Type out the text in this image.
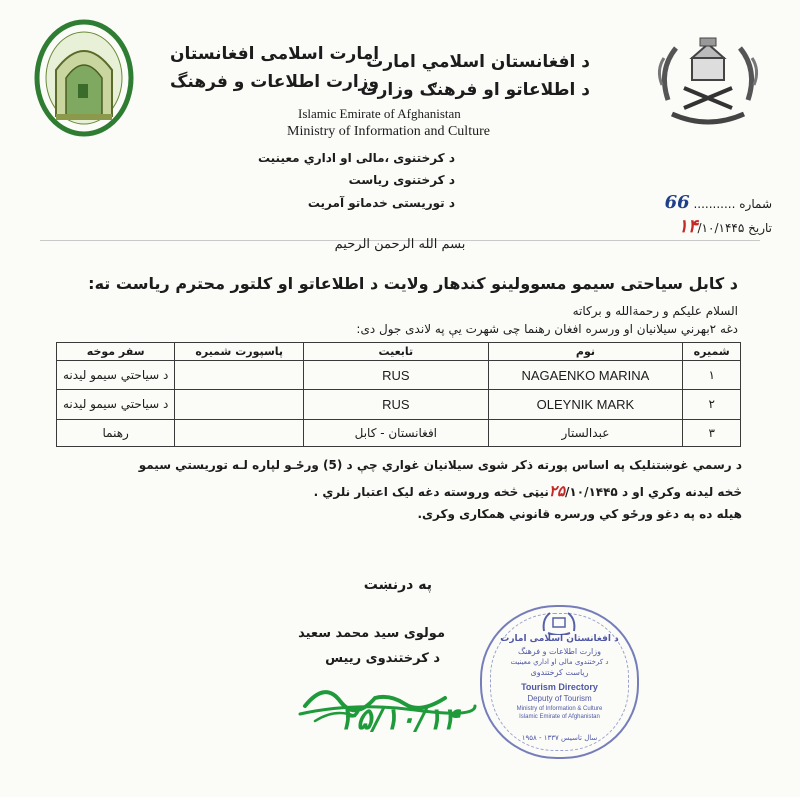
د افغانستان اسلامي امارت
د اطلاعاتو او فرهنګ وزارت
امارت اسلامی افغانستان
وزارت اطلاعات و فرهنگ
Islamic Emirate of Afghanistan
Ministry of Information and Culture
د کرختنوی ،مالی او اداري معینیت
د کرختنوی ریاست
د توریستی خدماتو آمریت	شماره ........... 66
تاریخ ۱۴/۱۰/۱۴۴۵
بسم الله الرحمن الرحیم
د کابل سیاحتی سیمو مسوولینو کندهار ولایت د اطلاعاتو او کلتور محترم ریاست ته:
السلام علیکم و رحمة‌الله و برکاته
دغه ۲بهرني سیلانیان او ورسره افغان رهنما چی شهرت یې په لاندی جول دی:
شمیره	نوم	تابعیت	پاسپورت شمیره	سفر موخه
۱	NAGAENKO MARINA	RUS		د سیاحتي سیمو لیدنه
۲	OLEYNIK MARK	RUS		د سیاحتي سیمو لیدنه
۳	عبدالستار	افغانستان - کابل		رهنما
د رسمي غوښتنلیک په اساس پورته ذکر شوی سیلانیان غواري چې د (5) ورځـو لپاره لـه توریستي سیمو
څخه لیدنه وکري او د ۲۵/۱۰/۱۴۴۵نیټی څخه وروسته دغه لیک اعتبار نلري .
هیله ده په دغو ورځو کي ورسره قانوني همکاری وکری.
په درنښت
مولوی سید محمد سعید
د کرختندوی رییس
۲۵/۱۰/۱۴
د افغانستان اسلامی امارت
وزارت اطلاعات و فرهنگ
د کرختندوی مالی او اداري معینیت
ریاست کرختندوی
Tourism Directory
Deputy of Tourism
Ministry of Information & Culture
Islamic Emirate of Afghanistan
سال تاسیس ۱۳۳۷ - ۱۹۵۸
